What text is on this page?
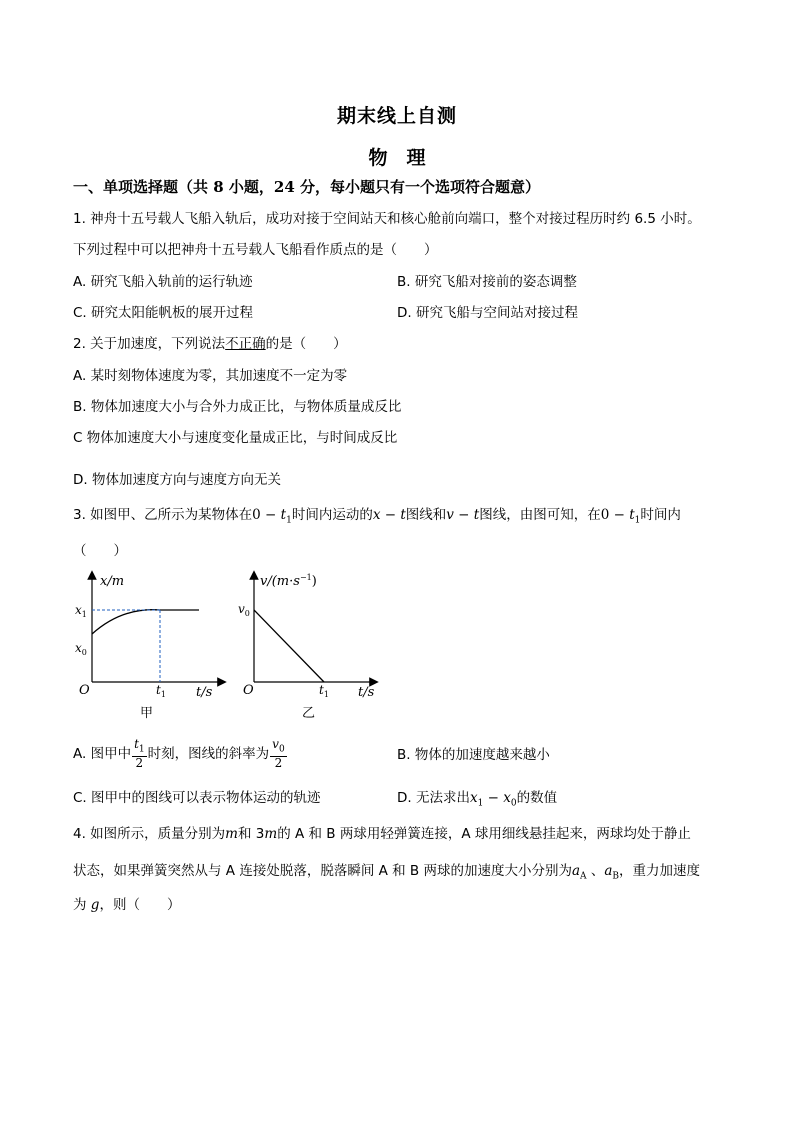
期末线上自测
物　理
一、单项选择题（共 8 小题，24 分，每小题只有一个选项符合题意）
1. 神舟十五号载人飞船入轨后，成功对接于空间站天和核心舱前向端口，整个对接过程历时约 6.5 小时。
下列过程中可以把神舟十五号载人飞船看作质点的是（　　）
A. 研究飞船入轨前的运行轨迹	B. 研究飞船对接前的姿态调整
C. 研究太阳能帆板的展开过程	D. 研究飞船与空间站对接过程
2. 关于加速度，下列说法不正确的是（　　）
A. 某时刻物体速度为零，其加速度不一定为零
B. 物体加速度大小与合外力成正比，与物体质量成反比
C 物体加速度大小与速度变化量成正比，与时间成反比
D. 物体加速度方向与速度方向无关
3. 如图甲、乙所示为某物体在$0 - t_1$时间内运动的x − t图线和v − t图线，由图可知，在$0 - t_1$时间内
（　　）
x/m
$x_1$
$x_0$
O	$t_1$ t/s
甲
$v/(m\cdot s^{-1})$
$v_0$
O	$t_1$ t/s
乙
A. 图甲中 $\frac{t_1}{2}$ 时刻，图线的斜率为 $\frac{v_0}{2}$	B. 物体的加速度越来越小
C. 图甲中的图线可以表示物体运动的轨迹	D. 无法求出$x_1 - x_0$的数值
4. 如图所示，质量分别为m和 3m的 A 和 B 两球用轻弹簧连接，A 球用细线悬挂起来，两球均处于静止
状态，如果弹簧突然从与 A 连接处脱落，脱落瞬间 A 和 B 两球的加速度大小分别为$a_A$ 、$a_B$，重力加速度
为 g，则（　　）
